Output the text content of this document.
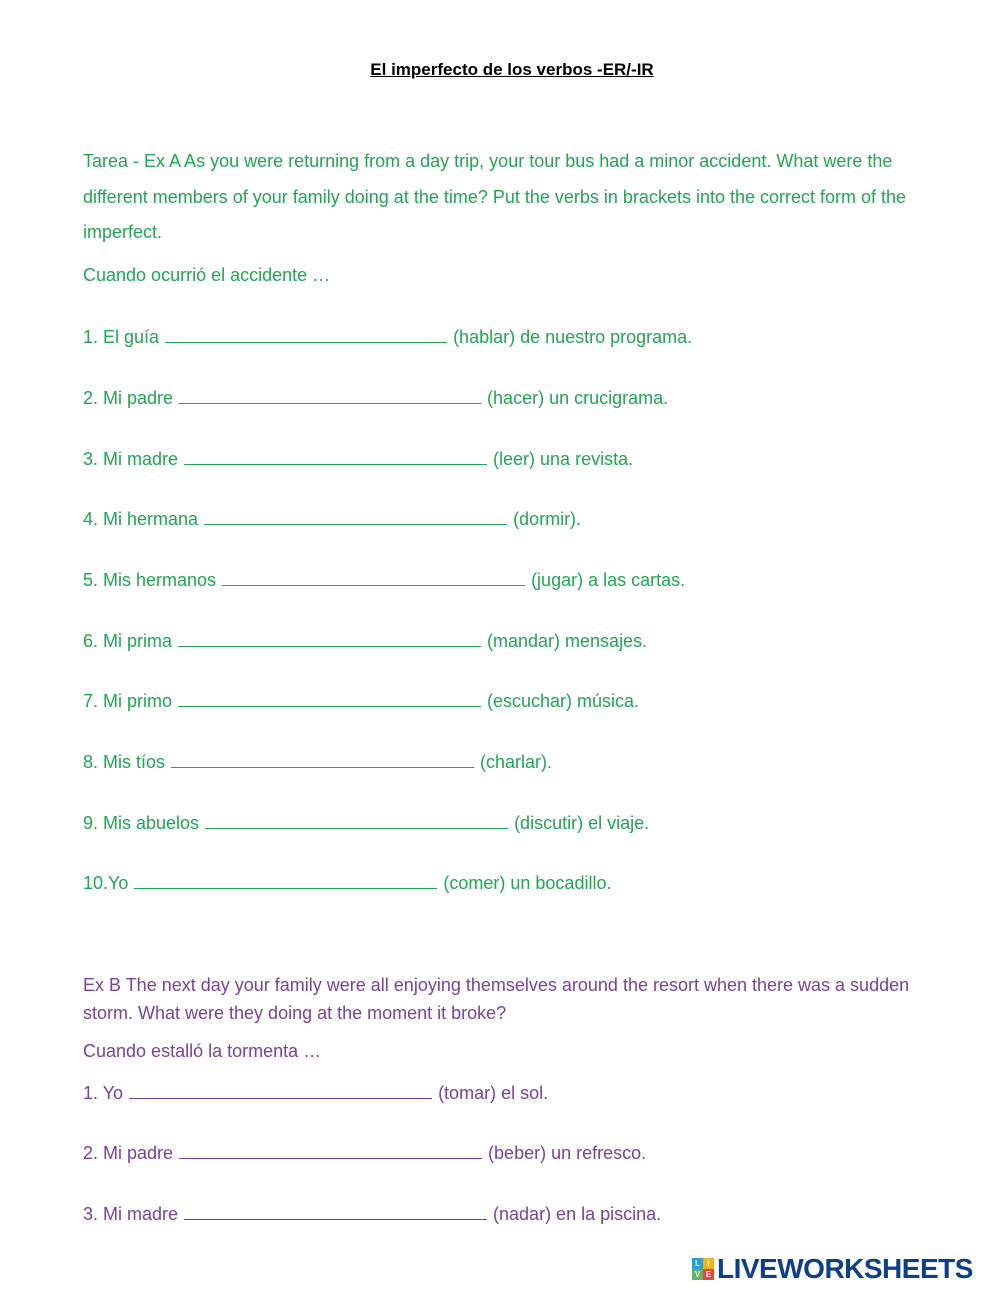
El imperfecto de los verbos -ER/-IR
Tarea - Ex A As you were returning from a day trip, your tour bus had a minor accident. What were the different members of your family doing at the time? Put the verbs in brackets into the correct form of the imperfect.
Cuando ocurrió el accidente …
1. El guía	(hablar) de nuestro programa.
2. Mi padre	(hacer) un crucigrama.
3. Mi madre	(leer) una revista.
4. Mi hermana	(dormir).
5. Mis hermanos	(jugar) a las cartas.
6. Mi prima	(mandar) mensajes.
7. Mi primo	(escuchar) música.
8. Mis tíos	(charlar).
9. Mis abuelos	(discutir) el viaje.
10.Yo	(comer) un bocadillo.
Ex B The next day your family were all enjoying themselves around the resort when there was a sudden storm. What were they doing at the moment it broke?
Cuando estalló la tormenta …
1. Yo	(tomar) el sol.
2. Mi padre	(beber) un refresco.
3. Mi madre	(nadar) en la piscina.
L I
V E LIVEWORKSHEETS
